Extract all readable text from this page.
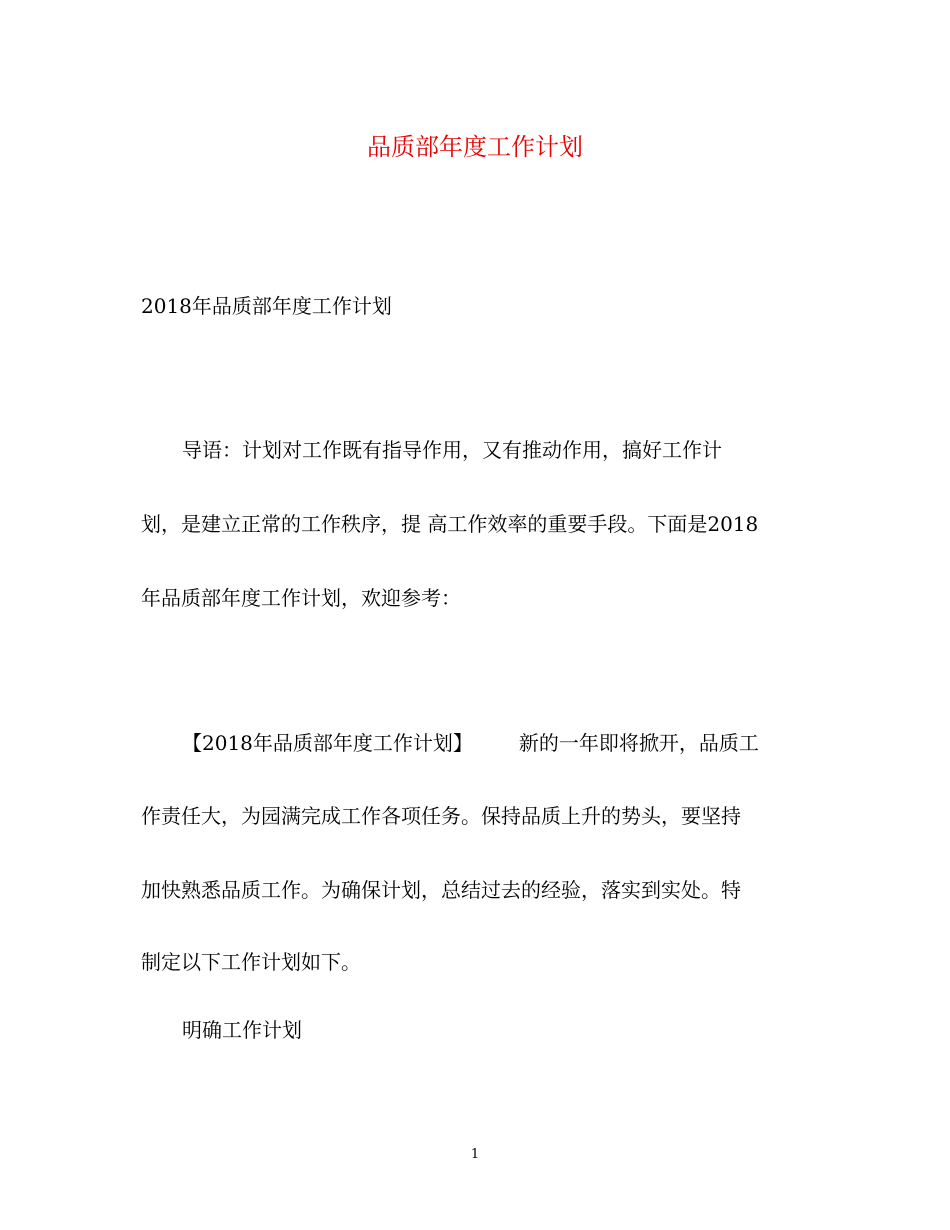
品质部年度工作计划

2018年品质部年度工作计划

导语：计划对工作既有指导作用，又有推动作用，搞好工作计

划，是建立正常的工作秩序，提 高工作效率的重要手段。下面是2018

年品质部年度工作计划，欢迎参考：

【2018年品质部年度工作计划】 新的一年即将掀开，品质工

作责任大，为园满完成工作各项任务。保持品质上升的势头，要坚持

加快熟悉品质工作。为确保计划，总结过去的经验，落实到实处。特

制定以下工作计划如下。

明确工作计划

1
